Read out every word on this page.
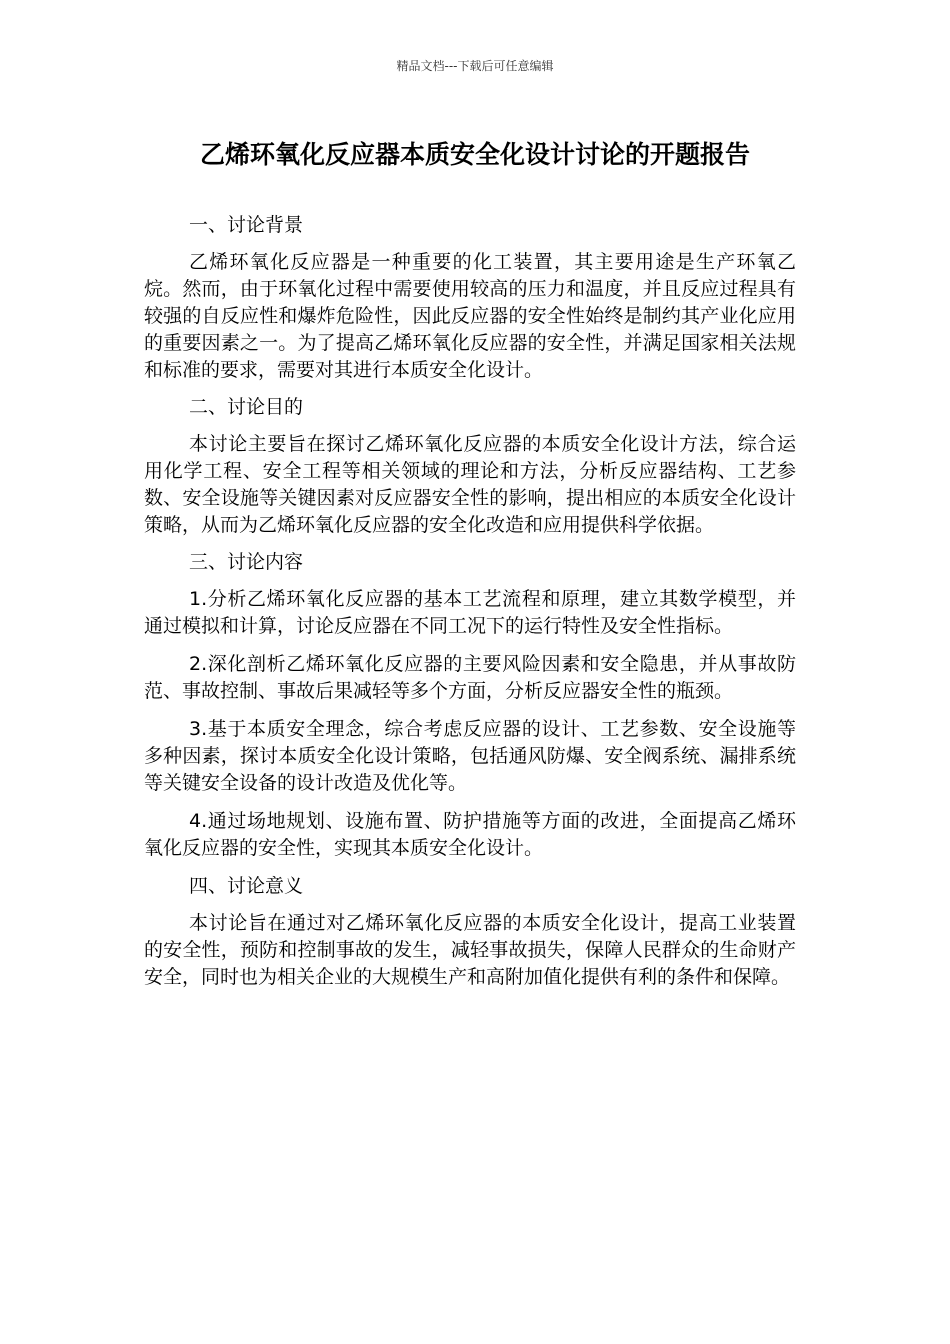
精品文档---下载后可任意编辑
乙烯环氧化反应器本质安全化设计讨论的开题报告

一、讨论背景

乙烯环氧化反应器是一种重要的化工装置，其主要用途是生产环氧乙烷。然而，由于环氧化过程中需要使用较高的压力和温度，并且反应过程具有较强的自反应性和爆炸危险性，因此反应器的安全性始终是制约其产业化应用的重要因素之一。为了提高乙烯环氧化反应器的安全性，并满足国家相关法规和标准的要求，需要对其进行本质安全化设计。

二、讨论目的

本讨论主要旨在探讨乙烯环氧化反应器的本质安全化设计方法，综合运用化学工程、安全工程等相关领域的理论和方法，分析反应器结构、工艺参数、安全设施等关键因素对反应器安全性的影响，提出相应的本质安全化设计策略，从而为乙烯环氧化反应器的安全化改造和应用提供科学依据。

三、讨论内容

1.分析乙烯环氧化反应器的基本工艺流程和原理，建立其数学模型，并通过模拟和计算，讨论反应器在不同工况下的运行特性及安全性指标。

2.深化剖析乙烯环氧化反应器的主要风险因素和安全隐患，并从事故防范、事故控制、事故后果减轻等多个方面，分析反应器安全性的瓶颈。

3.基于本质安全理念，综合考虑反应器的设计、工艺参数、安全设施等多种因素，探讨本质安全化设计策略，包括通风防爆、安全阀系统、漏排系统等关键安全设备的设计改造及优化等。

4.通过场地规划、设施布置、防护措施等方面的改进，全面提高乙烯环氧化反应器的安全性，实现其本质安全化设计。

四、讨论意义

本讨论旨在通过对乙烯环氧化反应器的本质安全化设计，提高工业装置的安全性，预防和控制事故的发生，减轻事故损失，保障人民群众的生命财产安全，同时也为相关企业的大规模生产和高附加值化提供有利的条件和保障。
